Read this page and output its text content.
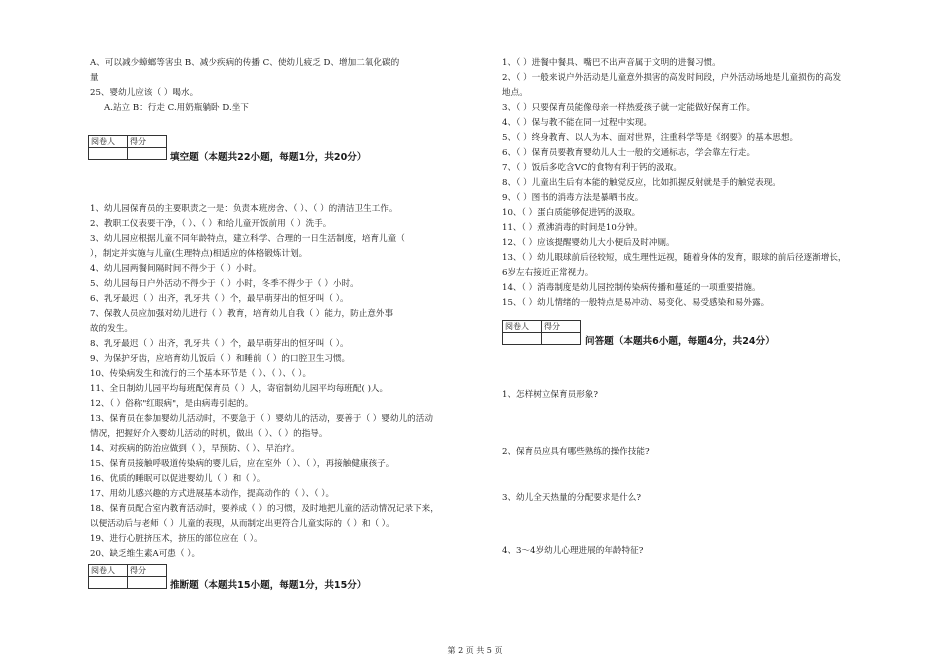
A、可以减少蟑螂等害虫 B、减少疾病的传播 C、使幼儿疲乏 D、增加二氧化碳的
量
25、婴幼儿应该（ ）喝水。
A.站立 B：行走 C.用奶瓶躺卧 D.坐下
阅卷人	得分

填空题（本题共22小题，每题1分，共20分）
1、幼儿园保育员的主要职责之一是：负责本班房舍、（ ）、（ ）的清洁卫生工作。
2、教职工仪表要干净，（ ）、（ ）和给儿童开饭前用（ ）洗手。
3、幼儿园应根据儿童不同年龄特点，建立科学、合理的一日生活制度，培育儿童（
），制定并实施与儿童(生理特点)相适应的体格锻炼计划。
4、幼儿园两餐间隔时间不得少于（ ）小时。
5、幼儿园每日户外活动不得少于（ ）小时，冬季不得少于（ ）小时。
6、乳牙最迟（ ）出齐，乳牙共（ ）个，最早萌芽出的恒牙叫（ ）。
7、保教人员应加强对幼儿进行（ ）教育，培育幼儿自我（ ）能力，防止意外事
故的发生。
8、乳牙最迟（ ）出齐，乳牙共（ ）个，最早萌芽出的恒牙叫（ ）。
9、为保护牙齿，应培育幼儿饭后（ ）和睡前（ ）的口腔卫生习惯。
10、传染病发生和流行的三个基本环节是（ ）、（ ）、（ ）。
11、全日制幼儿园平均每班配保育员（ ）人，寄宿制幼儿园平均每班配( )人。
12、（ ）俗称"红眼病"，是由病毒引起的。
13、保育员在参加婴幼儿活动时，不要急于（ ）婴幼儿的活动，要善于（ ）婴幼儿的活动
情况，把握好介入婴幼儿活动的时机，做出（ ）、（ ）的指导。
14、对疾病的防治应做到（ ），早预防、（ ）、早治疗。
15、保育员接触呼吸道传染病的婴儿后，应在室外（ ）、（ ），再接触健康孩子。
16、优质的睡眠可以促进婴幼儿（ ）和（ ）。
17、用幼儿感兴趣的方式进展基本动作，提高动作的（ ）、（ ）。
18、保育员配合室内教育活动时，要养成（ ）的习惯，及时地把儿童的活动情况记录下来，
以便活动后与老师（ ）儿童的表现，从而制定出更符合儿童实际的（ ）和（ ）。
19、进行心脏挤压术，挤压的部位应在（ ）。
20、缺乏维生素A可患（ ）。
阅卷人	得分

推断题（本题共15小题，每题1分，共15分）
1、（ ）进餐中餐具、嘴巴不出声音属于文明的进餐习惯。
2、（ ）一般来说户外活动是儿童意外损害的高发时间段，户外活动场地是儿童损伤的高发
地点。
3、（ ）只要保育员能像母亲一样热爱孩子就一定能做好保育工作。
4、（ ）保与教不能在同一过程中实现。
5、（ ）终身教育、以人为本、面对世界，注重科学等是《纲要》的基本思想。
6、（ ）保育员要教育婴幼儿人士一般的交通标志，学会靠左行走。
7、（ ）饭后多吃含VC的食物有利于钙的汲取。
8、（ ）儿童出生后有本能的触觉反应，比如抓握反射就是手的触觉表现。
9、（ ）图书的消毒方法是暴晒书皮。
10、（ ）蛋白质能够促进钙的汲取。
11、（ ）煮沸消毒的时间是10分钟。
12、（ ）应该提醒婴幼儿大小便后及时冲厕。
13、（ ）幼儿眼球前后径较短，成生理性远视，随着身体的发育，眼球的前后径逐渐增长，
6岁左右接近正常视力。
14、（ ）消毒制度是幼儿园控制传染病传播和蔓延的一项重要措施。
15、（ ）幼儿情绪的一般特点是易冲动、易变化、易受感染和易外露。
阅卷人	得分

问答题（本题共6小题，每题4分，共24分）
1、怎样树立保育员形象?
2、保育员应具有哪些熟练的操作技能?
3、幼儿全天热量的分配要求是什么?
4、3～4岁幼儿心理进展的年龄特征?
第 2 页 共 5 页
